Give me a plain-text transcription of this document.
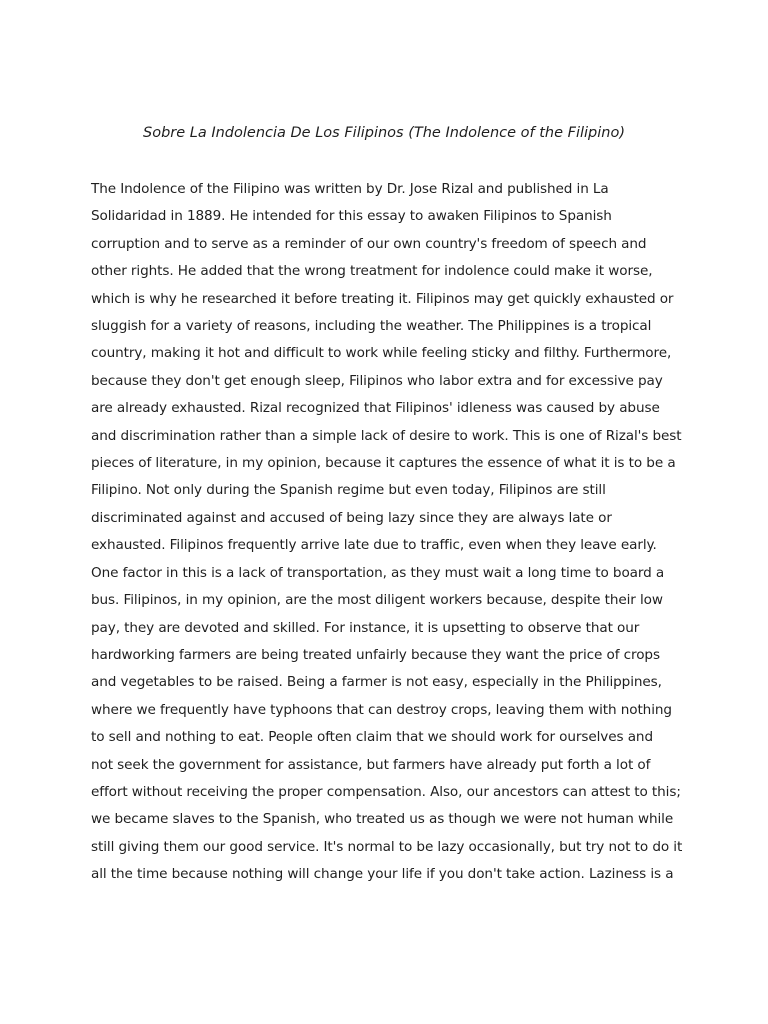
Sobre La Indolencia De Los Filipinos (The Indolence of the Filipino)
The Indolence of the Filipino was written by Dr. Jose Rizal and published in La
Solidaridad in 1889. He intended for this essay to awaken Filipinos to Spanish
corruption and to serve as a reminder of our own country's freedom of speech and
other rights. He added that the wrong treatment for indolence could make it worse,
which is why he researched it before treating it. Filipinos may get quickly exhausted or
sluggish for a variety of reasons, including the weather. The Philippines is a tropical
country, making it hot and difficult to work while feeling sticky and filthy. Furthermore,
because they don't get enough sleep, Filipinos who labor extra and for excessive pay
are already exhausted. Rizal recognized that Filipinos' idleness was caused by abuse
and discrimination rather than a simple lack of desire to work. This is one of Rizal's best
pieces of literature, in my opinion, because it captures the essence of what it is to be a
Filipino. Not only during the Spanish regime but even today, Filipinos are still
discriminated against and accused of being lazy since they are always late or
exhausted. Filipinos frequently arrive late due to traffic, even when they leave early.
One factor in this is a lack of transportation, as they must wait a long time to board a
bus. Filipinos, in my opinion, are the most diligent workers because, despite their low
pay, they are devoted and skilled. For instance, it is upsetting to observe that our
hardworking farmers are being treated unfairly because they want the price of crops
and vegetables to be raised. Being a farmer is not easy, especially in the Philippines,
where we frequently have typhoons that can destroy crops, leaving them with nothing
to sell and nothing to eat. People often claim that we should work for ourselves and
not seek the government for assistance, but farmers have already put forth a lot of
effort without receiving the proper compensation. Also, our ancestors can attest to this;
we became slaves to the Spanish, who treated us as though we were not human while
still giving them our good service. It's normal to be lazy occasionally, but try not to do it
all the time because nothing will change your life if you don't take action. Laziness is a
